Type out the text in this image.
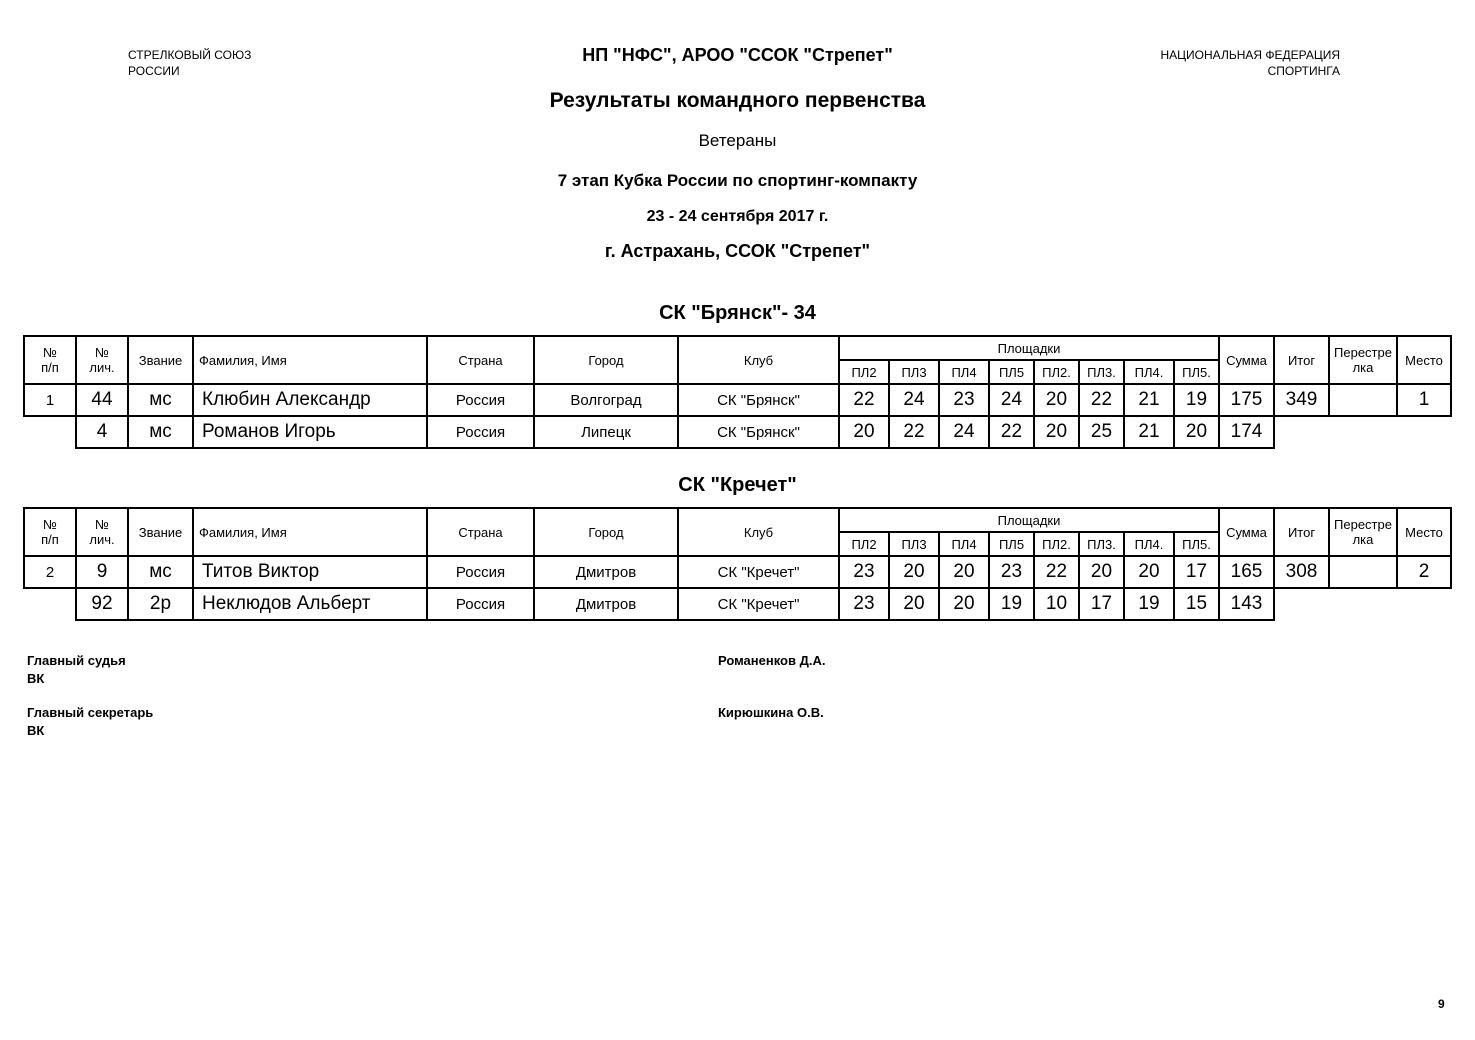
СТРЕЛКОВЫЙ СОЮЗ
РОССИИ
НП "НФС", АРОО "ССОК "Стрепет"	НАЦИОНАЛЬНАЯ ФЕДЕРАЦИЯ
СПОРТИНГА
Результаты командного первенства
Ветераны
7 этап Кубка России по спортинг-компакту
23 - 24 сентября 2017 г.
г. Астрахань, ССОК "Стрепет"
СК "Брянск"- 34
№
п/п	№
лич.	Звание	Фамилия, Имя	Страна	Город	Клуб	Площадки								Сумма	Итог	Перестре
лка	Место
							ПЛ2	ПЛ3	ПЛ4	ПЛ5	ПЛ2.	ПЛ3.	ПЛ4.	ПЛ5.				
1	44	мс	Клюбин Александр	Россия	Волгоград	СК "Брянск"	22	24	23	24	20	22	21	19	175	349		1
	4	мс	Романов Игорь	Россия	Липецк	СК "Брянск"	20	22	24	22	20	25	21	20	174			
СК "Кречет"
№
п/п	№
лич.	Звание	Фамилия, Имя	Страна	Город	Клуб	Площадки								Сумма	Итог	Перестре
лка	Место
							ПЛ2	ПЛ3	ПЛ4	ПЛ5	ПЛ2.	ПЛ3.	ПЛ4.	ПЛ5.				
2	9	мс	Титов Виктор	Россия	Дмитров	СК "Кречет"	23	20	20	23	22	20	20	17	165	308		2
	92	2р	Неклюдов Альберт	Россия	Дмитров	СК "Кречет"	23	20	20	19	10	17	19	15	143			
Главный судья
ВК
Романенков Д.А.
Главный секретарь
ВК
Кирюшкина О.В.
9
